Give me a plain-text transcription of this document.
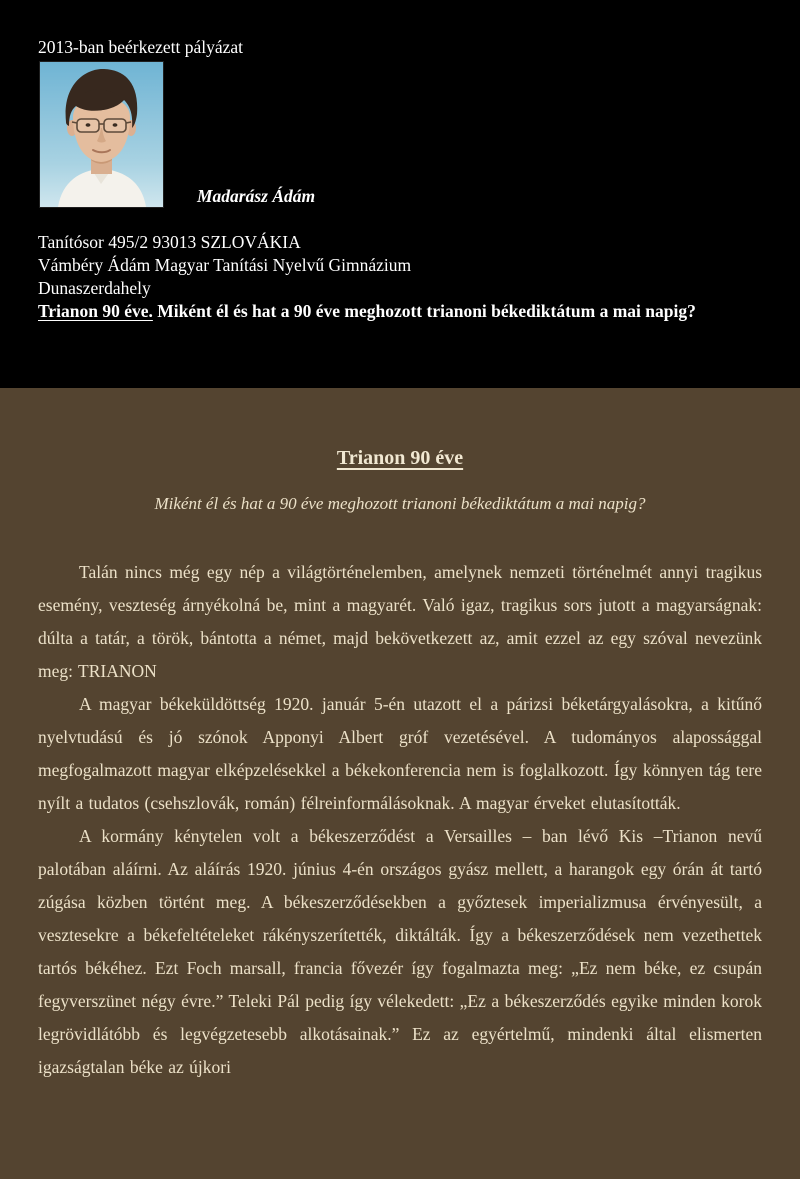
2013-ban beérkezett pályázat
Madarász Ádám
Tanítósor 495/2 93013 SZLOVÁKIA
Vámbéry Ádám Magyar Tanítási Nyelvű Gimnázium
Dunaszerdahely
Trianon 90 éve. Miként él és hat a 90 éve meghozott trianoni békediktátum a mai napig?
Trianon 90 éve
Miként él és hat a 90 éve meghozott trianoni békediktátum a mai napig?

Talán nincs még egy nép a világtörténelemben, amelynek nemzeti történelmét annyi tragikus esemény, veszteség árnyékolná be, mint a magyarét. Való igaz, tragikus sors jutott a magyarságnak: dúlta a tatár, a török, bántotta a német, majd bekövetkezett az, amit ezzel az egy szóval nevezünk meg: TRIANON

A magyar békeküldöttség 1920. január 5-én utazott el a párizsi béketárgyalásokra, a kitűnő nyelvtudású és jó szónok Apponyi Albert gróf vezetésével. A tudományos alapossággal megfogalmazott magyar elképzelésekkel a békekonferencia nem is foglalkozott. Így könnyen tág tere nyílt a tudatos (csehszlovák, román) félreinformálásoknak. A magyar érveket elutasították.

A kormány kénytelen volt a békeszerződést a Versailles – ban lévő Kis –Trianon nevű palotában aláírni. Az aláírás 1920. június 4-én országos gyász mellett, a harangok egy órán át tartó zúgása közben történt meg. A békeszerződésekben a győztesek imperializmusa érvényesült, a vesztesekre a békefeltételeket rákényszerítették, diktálták. Így a békeszerződések nem vezethettek tartós békéhez. Ezt Foch marsall, francia fővezér így fogalmazta meg: „Ez nem béke, ez csupán fegyverszünet négy évre.” Teleki Pál pedig így vélekedett: „Ez a békeszerződés egyike minden korok legrövidlátóbb és legvégzetesebb alkotásainak.” Ez az egyértelmű, mindenki által elismerten igazságtalan béke az újkori
